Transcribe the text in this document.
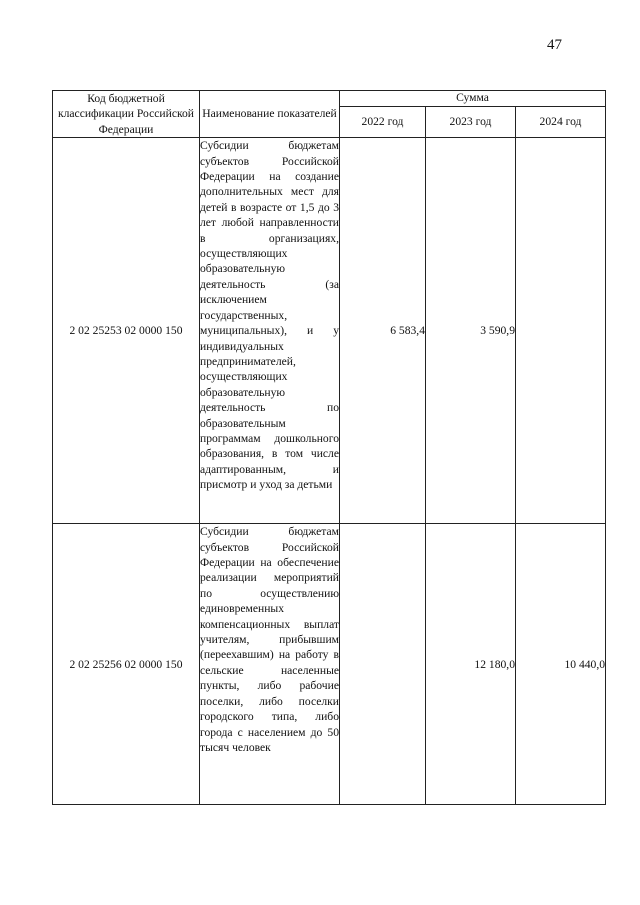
47
Код бюджетной классификации Российской Федерации	Наименование показателей	Сумма		
		2022 год	2023 год	2024 год
2 02 25253 02 0000 150	Субсидии бюджетам субъектов Российской Федерации на создание дополнительных мест для детей в возрасте от 1,5 до 3 лет любой направленности в организациях, осуществляющих образовательную деятельность (за исключением государственных, муниципальных), и у индивидуальных предпринимателей, осуществляющих образовательную деятельность по образовательным программам дошкольного образования, в том числе адаптированным, и присмотр и уход за детьми	6 583,4	3 590,9	
2 02 25256 02 0000 150	Субсидии бюджетам субъектов Российской Федерации на обеспечение реализации мероприятий по осуществлению единовременных компенсационных выплат учителям, прибывшим (переехавшим) на работу в сельские населенные пункты, либо рабочие поселки, либо поселки городского типа, либо города с населением до 50 тысяч человек		12 180,0	10 440,0
